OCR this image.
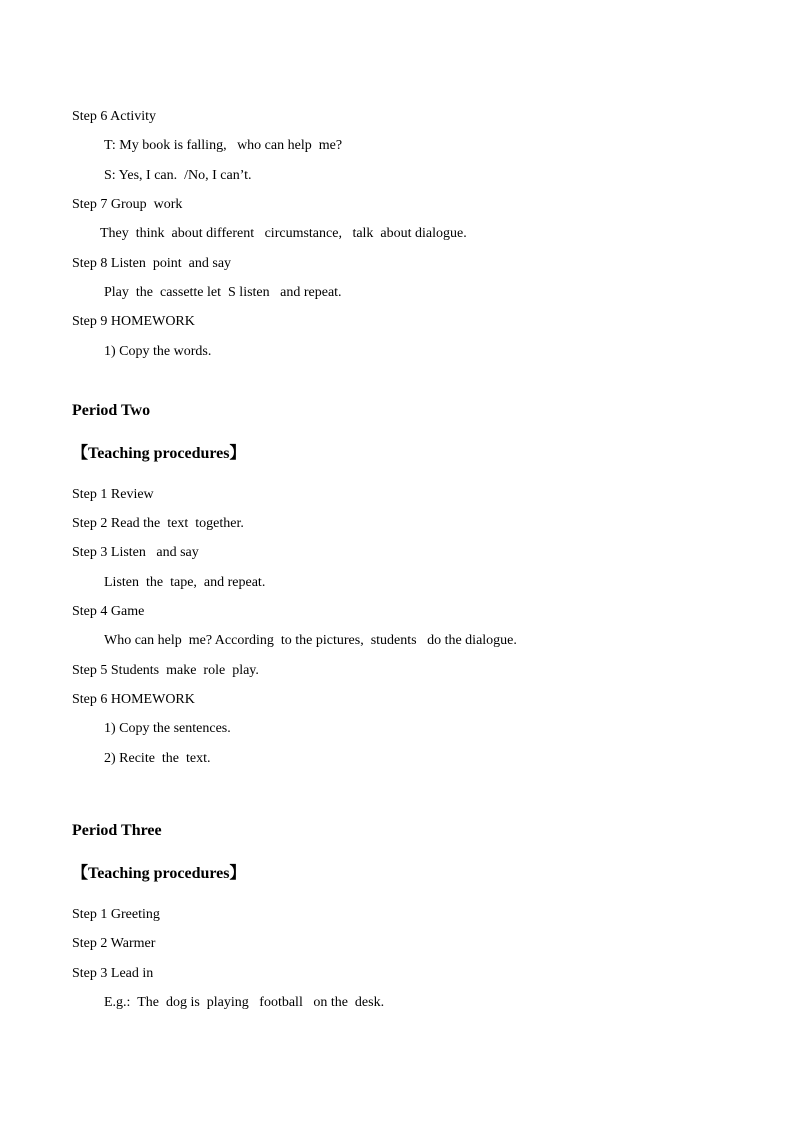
Step 6 Activity
T: My book is falling,   who can help  me?
S: Yes, I can.  /No, I can’t.
Step 7 Group  work
They  think  about different   circumstance,   talk  about dialogue.
Step 8 Listen  point  and say
Play  the  cassette let  S listen   and repeat.
Step 9 HOMEWORK
1) Copy the words.
Period Two
【Teaching procedures】
Step 1 Review
Step 2 Read the  text  together.
Step 3 Listen   and say
Listen  the  tape,  and repeat.
Step 4 Game
Who can help  me? According  to the pictures,  students   do the dialogue.
Step 5 Students  make  role  play.
Step 6 HOMEWORK
1) Copy the sentences.
2) Recite  the  text.
Period Three
【Teaching procedures】
Step 1 Greeting
Step 2 Warmer
Step 3 Lead in
E.g.:  The  dog is  playing   football   on the  desk.
